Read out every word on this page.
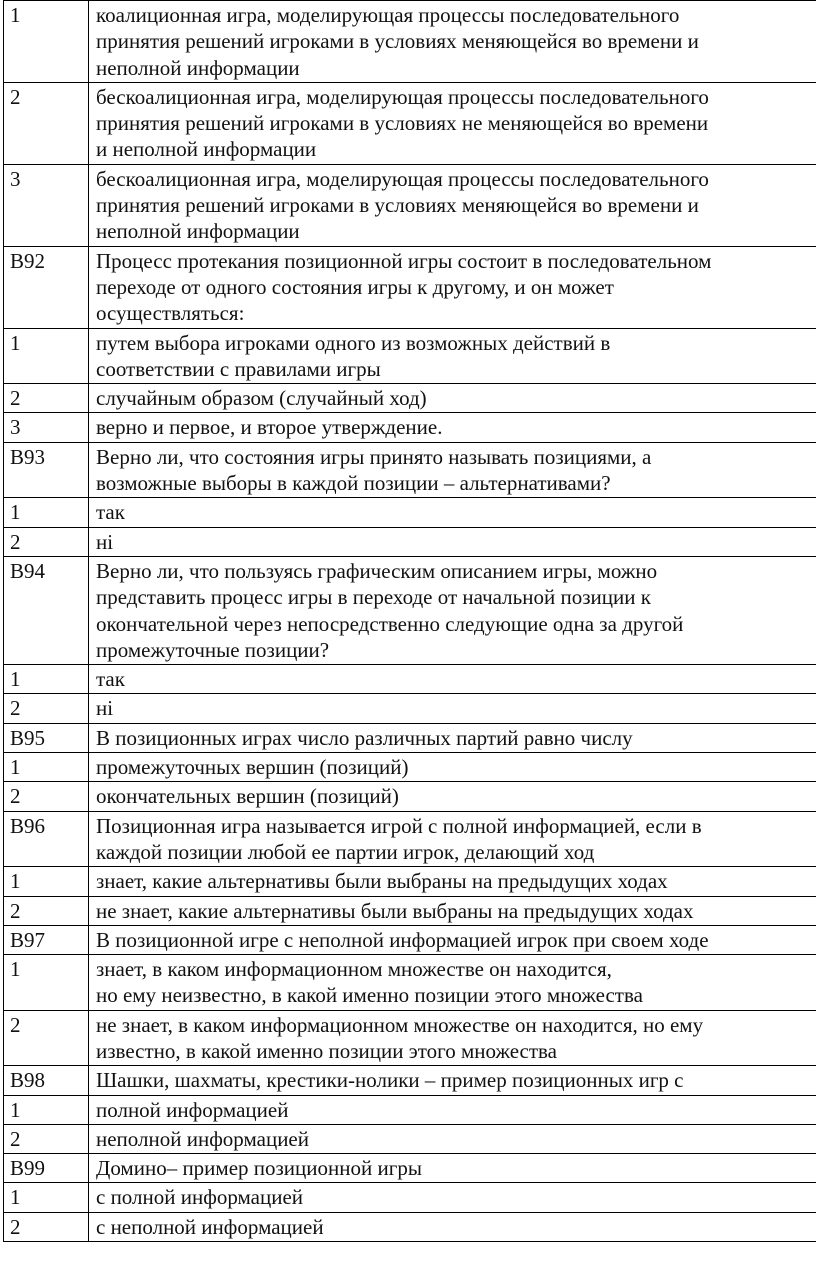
1	коалиционная игра, моделирующая процессы последовательного
принятия решений игроками в условиях меняющейся во времени и
неполной информации

2	бескоалиционная игра, моделирующая процессы последовательного
принятия решений игроками в условиях не меняющейся во времени
и неполной информации

3	бескоалиционная игра, моделирующая процессы последовательного
принятия решений игроками в условиях меняющейся во времени и
неполной информации

В92	Процесс протекания позиционной игры состоит в последовательном
переходе от одного состояния игры к другому, и он может
осуществляться:

1	путем выбора игроками одного из возможных действий в
соответствии с правилами игры

2	случайным образом (случайный ход)

3	верно и первое, и второе утверждение.

В93	Верно ли, что состояния игры принято называть позициями, а
возможные выборы в каждой позиции – альтернативами?

1	так

2	ні

В94	Верно ли, что пользуясь графическим описанием игры, можно
представить процесс игры в переходе от начальной позиции к
окончательной через непосредственно следующие одна за другой
промежуточные позиции?

1	так

2	ні

В95	В позиционных играх число различных партий равно числу

1	промежуточных вершин (позиций)

2	окончательных вершин (позиций)

В96	Позиционная игра называется игрой с полной информацией, если в
каждой позиции любой ее партии игрок, делающий ход

1	знает, какие альтернативы были выбраны на предыдущих ходах

2	не знает, какие альтернативы были выбраны на предыдущих ходах

В97	В позиционной игре с неполной информацией игрок при своем ходе

1	знает, в каком информационном множестве он находится,
но ему неизвестно, в какой именно позиции этого множества

2	не знает, в каком информационном множестве он находится, но ему
известно, в какой именно позиции этого множества

В98	Шашки, шахматы, крестики-нолики – пример позиционных игр с

1	полной информацией

2	неполной информацией

В99	Домино– пример позиционной игры

1	с полной информацией

2	с неполной информацией
